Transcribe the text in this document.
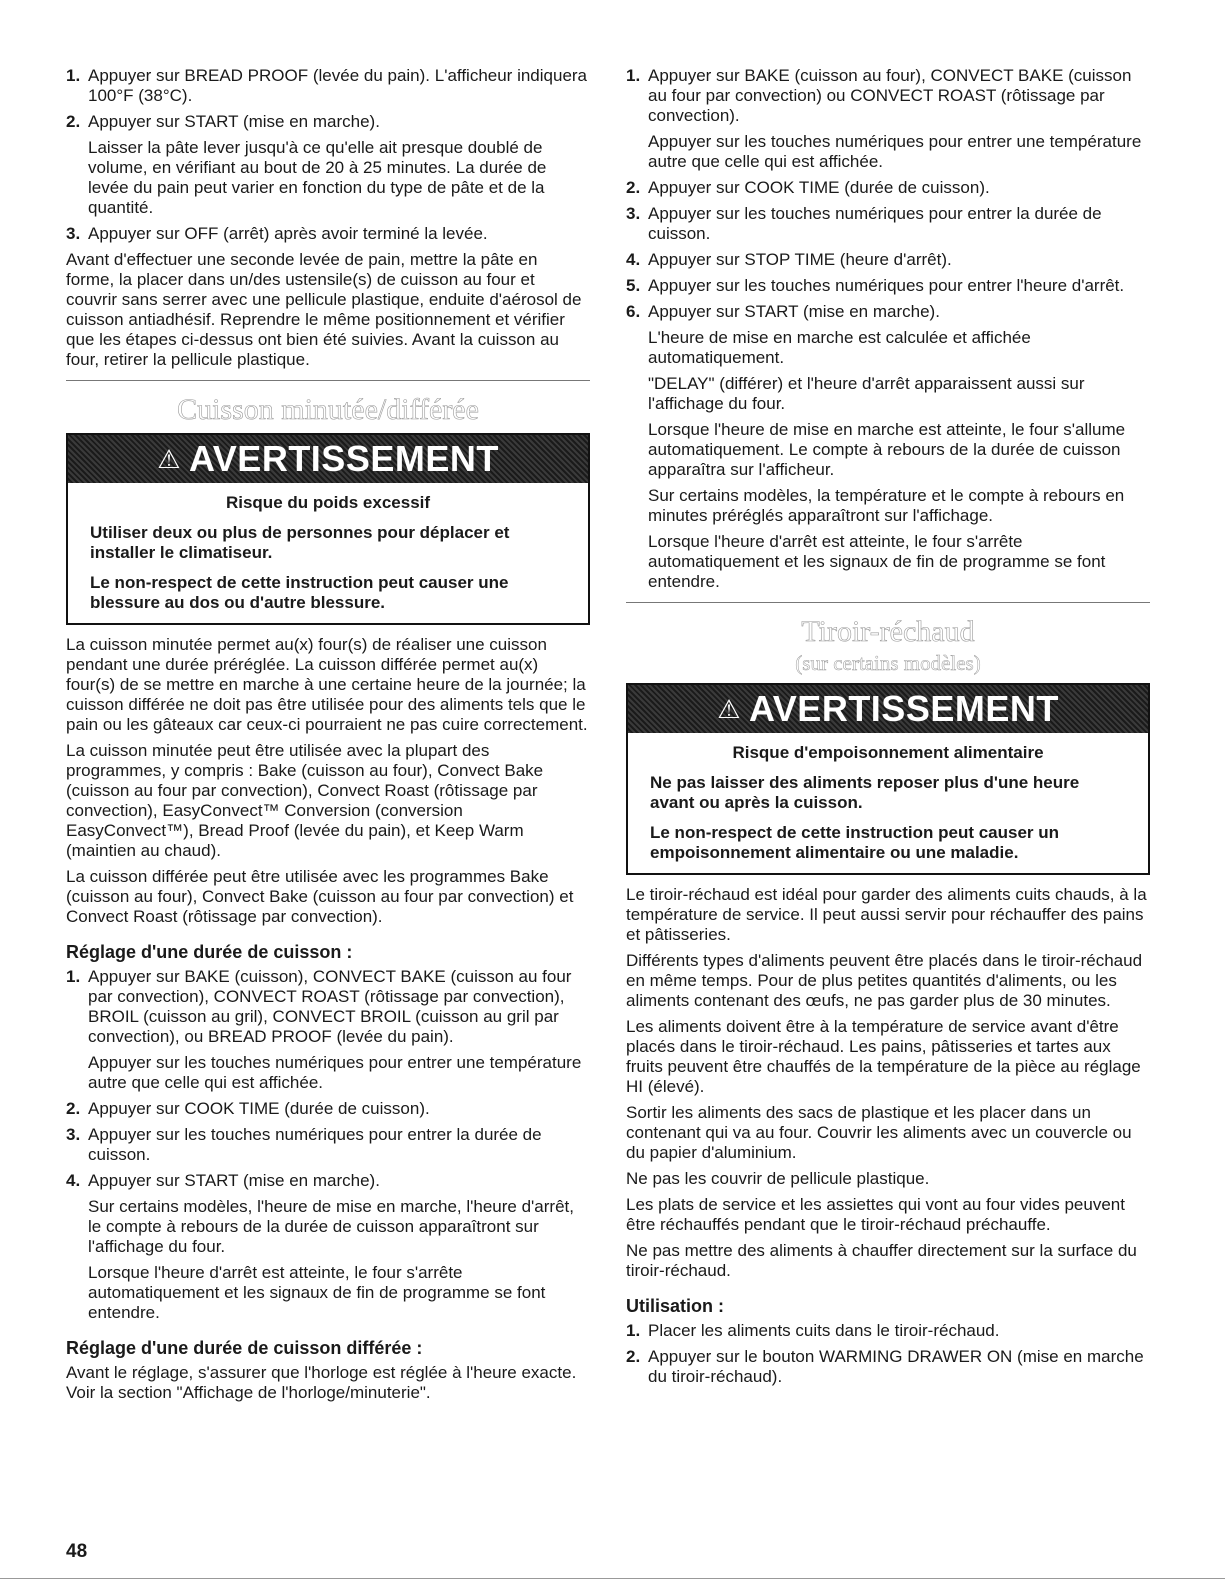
1. Appuyer sur BREAD PROOF (levée du pain). L'afficheur indiquera 100°F (38°C).

2. Appuyer sur START (mise en marche).

Laisser la pâte lever jusqu'à ce qu'elle ait presque doublé de volume, en vérifiant au bout de 20 à 25 minutes. La durée de levée du pain peut varier en fonction du type de pâte et de la quantité.

3. Appuyer sur OFF (arrêt) après avoir terminé la levée.

Avant d'effectuer une seconde levée de pain, mettre la pâte en forme, la placer dans un/des ustensile(s) de cuisson au four et couvrir sans serrer avec une pellicule plastique, enduite d'aérosol de cuisson antiadhésif. Reprendre le même positionnement et vérifier que les étapes ci-dessus ont bien été suivies. Avant la cuisson au four, retirer la pellicule plastique.

Cuisson minutée/différée
⚠ AVERTISSEMENT
Risque du poids excessif

Utiliser deux ou plus de personnes pour déplacer et installer le climatiseur.

Le non-respect de cette instruction peut causer une blessure au dos ou d'autre blessure.

La cuisson minutée permet au(x) four(s) de réaliser une cuisson pendant une durée préréglée. La cuisson différée permet au(x) four(s) de se mettre en marche à une certaine heure de la journée; la cuisson différée ne doit pas être utilisée pour des aliments tels que le pain ou les gâteaux car ceux-ci pourraient ne pas cuire correctement.

La cuisson minutée peut être utilisée avec la plupart des programmes, y compris : Bake (cuisson au four), Convect Bake (cuisson au four par convection), Convect Roast (rôtissage par convection), EasyConvect™ Conversion (conversion EasyConvect™), Bread Proof (levée du pain), et Keep Warm (maintien au chaud).

La cuisson différée peut être utilisée avec les programmes Bake (cuisson au four), Convect Bake (cuisson au four par convection) et Convect Roast (rôtissage par convection).

Réglage d'une durée de cuisson :
1. Appuyer sur BAKE (cuisson), CONVECT BAKE (cuisson au four par convection), CONVECT ROAST (rôtissage par convection), BROIL (cuisson au gril), CONVECT BROIL (cuisson au gril par convection), ou BREAD PROOF (levée du pain).

Appuyer sur les touches numériques pour entrer une température autre que celle qui est affichée.

2. Appuyer sur COOK TIME (durée de cuisson).

3. Appuyer sur les touches numériques pour entrer la durée de cuisson.

4. Appuyer sur START (mise en marche).

Sur certains modèles, l'heure de mise en marche, l'heure d'arrêt, le compte à rebours de la durée de cuisson apparaîtront sur l'affichage du four.

Lorsque l'heure d'arrêt est atteinte, le four s'arrête automatiquement et les signaux de fin de programme se font entendre.

Réglage d'une durée de cuisson différée :

Avant le réglage, s'assurer que l'horloge est réglée à l'heure exacte. Voir la section "Affichage de l'horloge/minuterie".

1. Appuyer sur BAKE (cuisson au four), CONVECT BAKE (cuisson au four par convection) ou CONVECT ROAST (rôtissage par convection).

Appuyer sur les touches numériques pour entrer une température autre que celle qui est affichée.

2. Appuyer sur COOK TIME (durée de cuisson).

3. Appuyer sur les touches numériques pour entrer la durée de cuisson.

4. Appuyer sur STOP TIME (heure d'arrêt).

5. Appuyer sur les touches numériques pour entrer l'heure d'arrêt.

6. Appuyer sur START (mise en marche).

L'heure de mise en marche est calculée et affichée automatiquement.

"DELAY" (différer) et l'heure d'arrêt apparaissent aussi sur l'affichage du four.

Lorsque l'heure de mise en marche est atteinte, le four s'allume automatiquement. Le compte à rebours de la durée de cuisson apparaîtra sur l'afficheur.

Sur certains modèles, la température et le compte à rebours en minutes préréglés apparaîtront sur l'affichage.

Lorsque l'heure d'arrêt est atteinte, le four s'arrête automatiquement et les signaux de fin de programme se font entendre.

Tiroir-réchaud
(sur certains modèles)
⚠ AVERTISSEMENT
Risque d'empoisonnement alimentaire

Ne pas laisser des aliments reposer plus d'une heure avant ou après la cuisson.

Le non-respect de cette instruction peut causer un empoisonnement alimentaire ou une maladie.

Le tiroir-réchaud est idéal pour garder des aliments cuits chauds, à la température de service. Il peut aussi servir pour réchauffer des pains et pâtisseries.

Différents types d'aliments peuvent être placés dans le tiroir-réchaud en même temps. Pour de plus petites quantités d'aliments, ou les aliments contenant des œufs, ne pas garder plus de 30 minutes.

Les aliments doivent être à la température de service avant d'être placés dans le tiroir-réchaud. Les pains, pâtisseries et tartes aux fruits peuvent être chauffés de la température de la pièce au réglage HI (élevé).

Sortir les aliments des sacs de plastique et les placer dans un contenant qui va au four. Couvrir les aliments avec un couvercle ou du papier d'aluminium.

Ne pas les couvrir de pellicule plastique.

Les plats de service et les assiettes qui vont au four vides peuvent être réchauffés pendant que le tiroir-réchaud préchauffe.

Ne pas mettre des aliments à chauffer directement sur la surface du tiroir-réchaud.

Utilisation :
1. Placer les aliments cuits dans le tiroir-réchaud.

2. Appuyer sur le bouton WARMING DRAWER ON (mise en marche du tiroir-réchaud).

48
